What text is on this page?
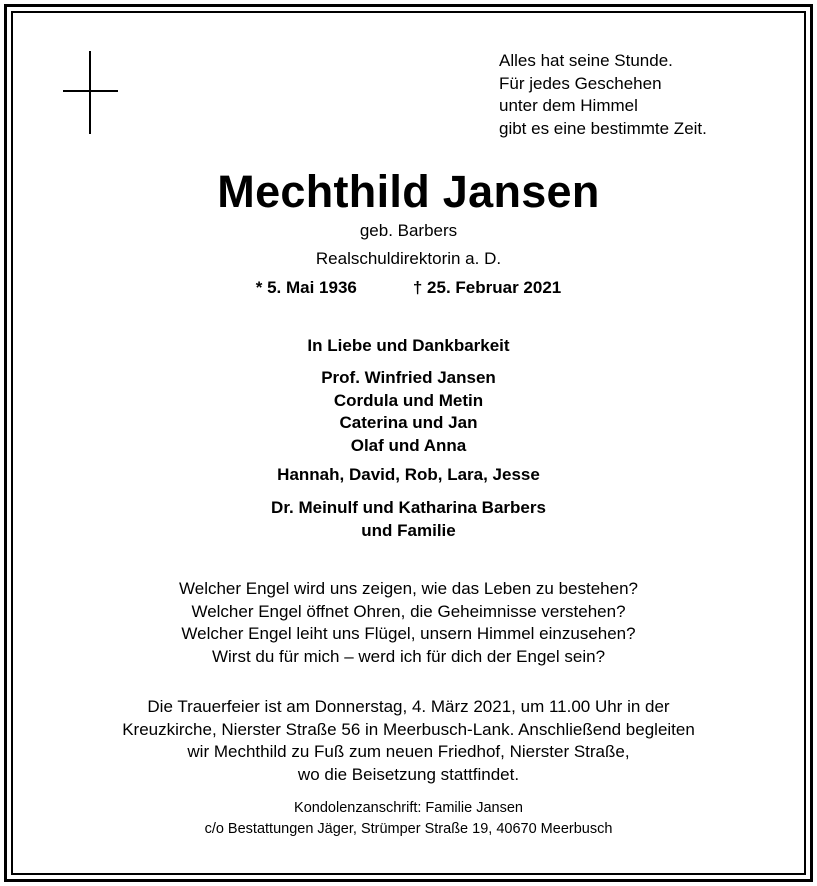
Alles hat seine Stunde.
Für jedes Geschehen
unter dem Himmel
gibt es eine bestimmte Zeit.
Mechthild Jansen
geb. Barbers
Realschuldirektorin a. D.
* 5. Mai 1936	† 25. Februar 2021
In Liebe und Dankbarkeit
Prof. Winfried Jansen
Cordula und Metin
Caterina und Jan
Olaf und Anna
Hannah, David, Rob, Lara, Jesse
Dr. Meinulf und Katharina Barbers
und Familie
Welcher Engel wird uns zeigen, wie das Leben zu bestehen?
Welcher Engel öffnet Ohren, die Geheimnisse verstehen?
Welcher Engel leiht uns Flügel, unsern Himmel einzusehen?
Wirst du für mich – werd ich für dich der Engel sein?
Die Trauerfeier ist am Donnerstag, 4. März 2021, um 11.00 Uhr in der
Kreuzkirche, Nierster Straße 56 in Meerbusch-Lank. Anschließend begleiten
wir Mechthild zu Fuß zum neuen Friedhof, Nierster Straße,
wo die Beisetzung stattfindet.
Kondolenzanschrift: Familie Jansen
c/o Bestattungen Jäger, Strümper Straße 19, 40670 Meerbusch
